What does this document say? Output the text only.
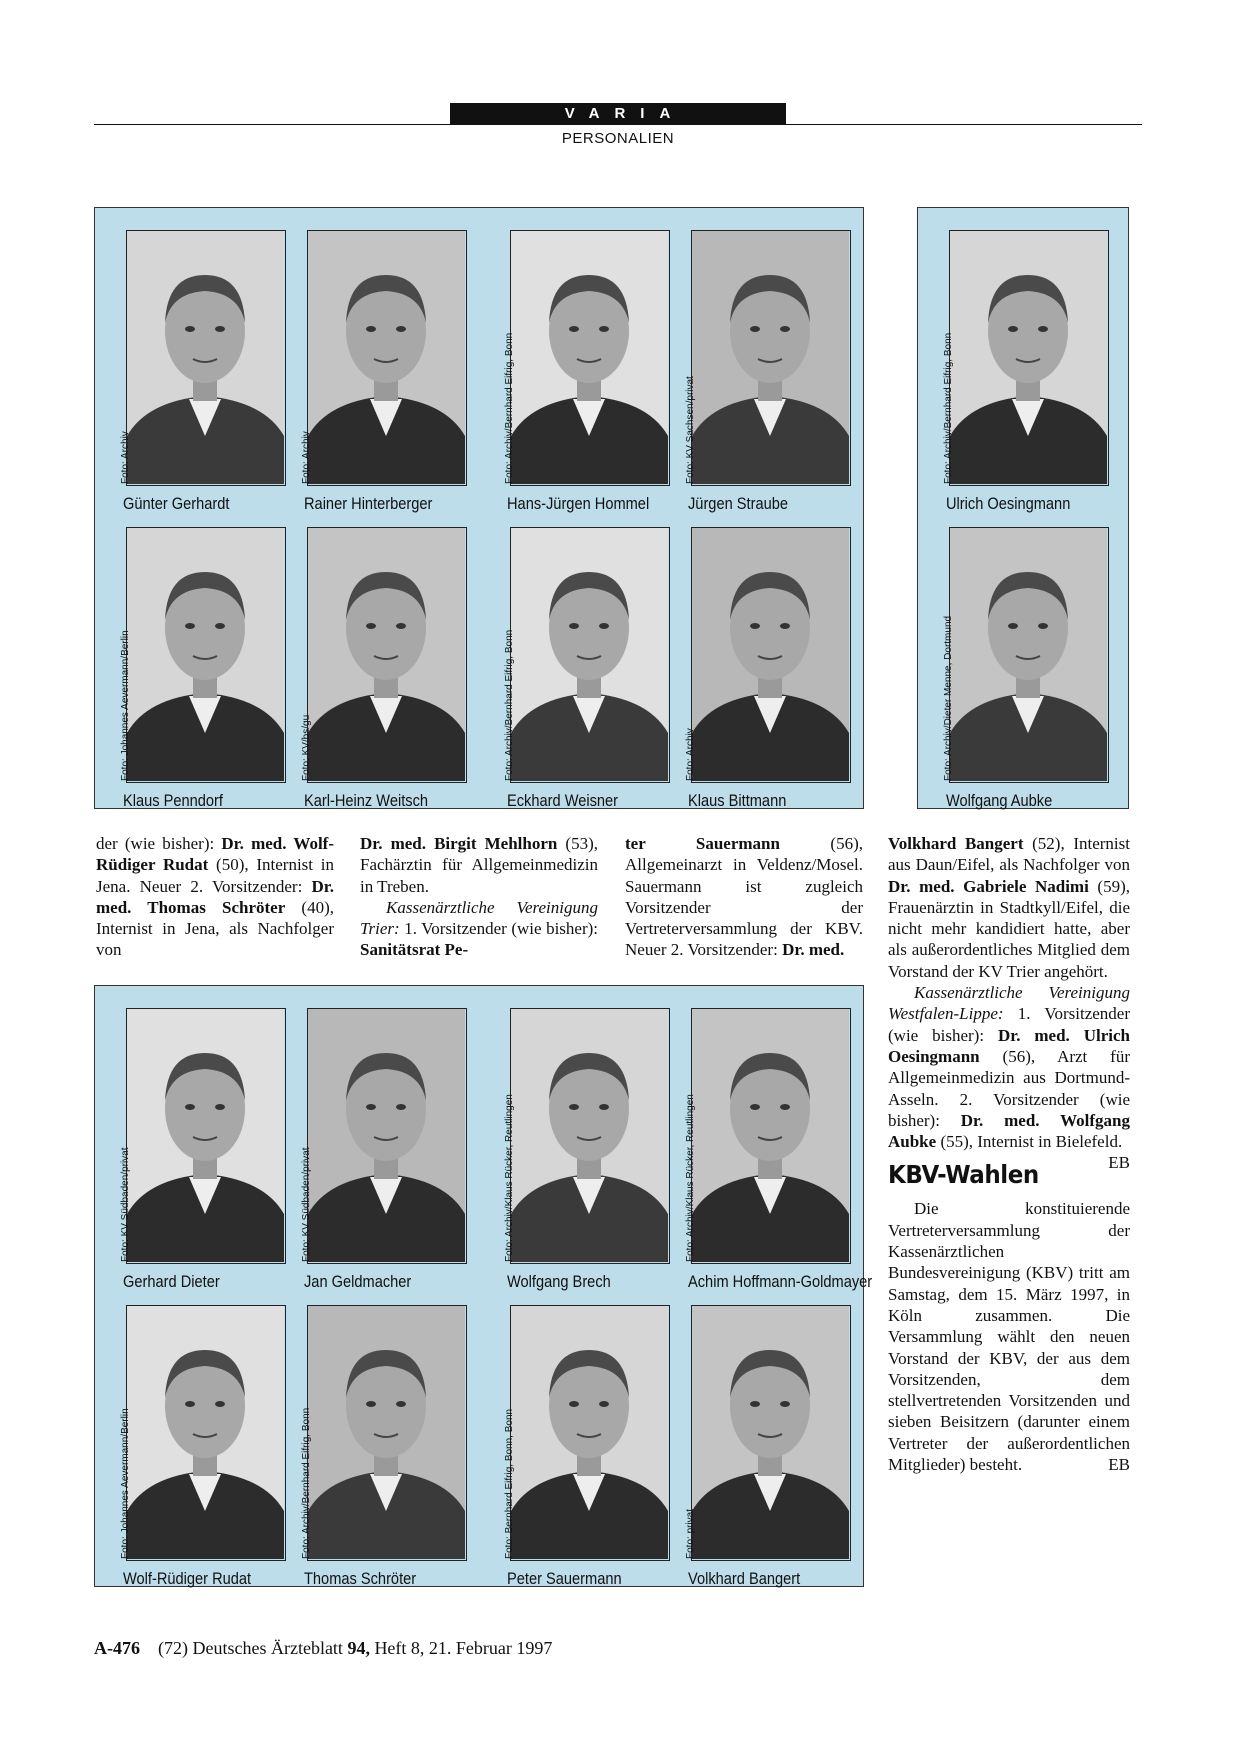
VARIA
PERSONALIEN
Foto: Archiv
Günter Gerhardt
Foto: Archiv
Rainer Hinterberger
Foto: Archiv/Bernhard Eifrig, Bonn
Hans-Jürgen Hommel
Foto: KV Sachsen/privat
Jürgen Straube
Foto: Johannes Aevermann/Berlin
Klaus Penndorf
Foto: KV/bs/gu
Karl-Heinz Weitsch
Foto: Archiv/Bernhard Eifrig, Bonn
Eckhard Weisner
Foto: Archiv
Klaus Bittmann
Foto: Archiv/Bernhard Eifrig, Bonn
Ulrich Oesingmann
Foto: Archiv/Dieter Menne, Dortmund
Wolfgang Aubke
Foto: KV Südbaden/privat
Gerhard Dieter
Foto: KV Südbaden/privat
Jan Geldmacher
Foto: Archiv/Klaus Rücker, Reutlingen
Wolfgang Brech
Foto: Archiv/Klaus Rücker, Reutlingen
Achim Hoffmann-Goldmayer
Foto: Johannes Aevermann/Berlin
Wolf-Rüdiger Rudat
Foto: Archiv/Bernhard Eifrig, Bonn
Thomas Schröter
Foto: Bernhard Eifrig, Bonn, Bonn
Peter Sauermann
Foto: privat
Volkhard Bangert

der (wie bisher): Dr. med. Wolf-Rüdiger Rudat (50), Internist in Jena. Neuer 2. Vorsitzender: Dr. med. Thomas Schröter (40), Internist in Jena, als Nachfolger von

Dr. med. Birgit Mehlhorn (53), Fachärztin für Allgemeinmedizin in Treben.

Kassenärztliche Vereinigung Trier: 1. Vorsitzender (wie bisher): Sanitätsrat Pe-

ter Sauermann (56), Allgemeinarzt in Veldenz/Mosel. Sauermann ist zugleich Vorsitzender der Vertreterversammlung der KBV. Neuer 2. Vorsitzender: Dr. med.

Volkhard Bangert (52), Internist aus Daun/Eifel, als Nachfolger von Dr. med. Gabriele Nadimi (59), Frauenärztin in Stadtkyll/Eifel, die nicht mehr kandidiert hatte, aber als außerordentliches Mitglied dem Vorstand der KV Trier angehört.

Kassenärztliche Vereinigung Westfalen-Lippe: 1. Vorsitzender (wie bisher): Dr. med. Ulrich Oesingmann (56), Arzt für Allgemeinmedizin aus Dortmund-Asseln. 2. Vorsitzender (wie bisher): Dr. med. Wolfgang Aubke (55), Internist in Bielefeld.
EB

KBV-Wahlen

Die konstituierende Vertreterversammlung der Kassenärztlichen Bundesvereinigung (KBV) tritt am Samstag, dem 15. März 1997, in Köln zusammen. Die Versammlung wählt den neuen Vorstand der KBV, der aus dem Vorsitzenden, dem stellvertretenden Vorsitzenden und sieben Beisitzern (darunter einem Vertreter der außerordentlichen Mitglieder) besteht.	EB

A-476 (72) Deutsches Ärzteblatt 94, Heft 8, 21. Februar 1997
